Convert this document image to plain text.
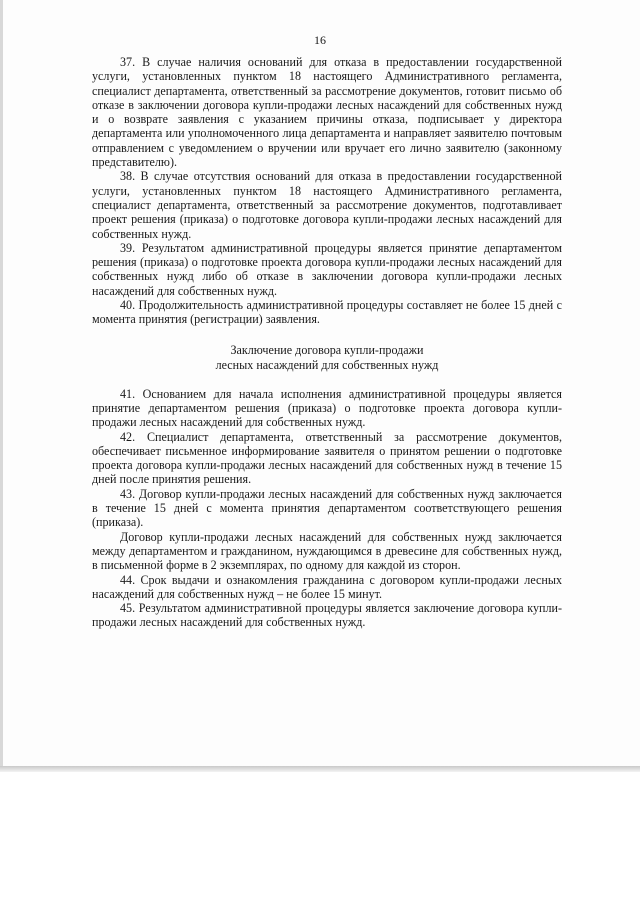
16

37. В случае наличия оснований для отказа в предоставлении государственной услуги, установленных пунктом 18 настоящего Административного регламента, специалист департамента, ответственный за рассмотрение документов, готовит письмо об отказе в заключении договора купли-продажи лесных насаждений для собственных нужд и о возврате заявления с указанием причины отказа, подписывает у директора департамента или уполномоченного лица департамента и направляет заявителю почтовым отправлением с уведомлением о вручении или вручает его лично заявителю (законному представителю).

38. В случае отсутствия оснований для отказа в предоставлении государственной услуги, установленных пунктом 18 настоящего Административного регламента, специалист департамента, ответственный за рассмотрение документов, подготавливает проект решения (приказа) о подготовке договора купли-продажи лесных насаждений для собственных нужд.

39. Результатом административной процедуры является принятие департаментом решения (приказа) о подготовке проекта договора купли-продажи лесных насаждений для собственных нужд либо об отказе в заключении договора купли-продажи лесных насаждений для собственных нужд.

40. Продолжительность административной процедуры составляет не более 15 дней с момента принятия (регистрации) заявления.

Заключение договора купли-продажи
лесных насаждений для собственных нужд

41. Основанием для начала исполнения административной процедуры является принятие департаментом решения (приказа) о подготовке проекта договора купли-продажи лесных насаждений для собственных нужд.

42. Специалист департамента, ответственный за рассмотрение документов, обеспечивает письменное информирование заявителя о принятом решении о подготовке проекта договора купли-продажи лесных насаждений для собственных нужд в течение 15 дней после принятия решения.

43. Договор купли-продажи лесных насаждений для собственных нужд заключается в течение 15 дней с момента принятия департаментом соответствующего решения (приказа).

Договор купли-продажи лесных насаждений для собственных нужд заключается между департаментом и гражданином, нуждающимся в древесине для собственных нужд, в письменной форме в 2 экземплярах, по одному для каждой из сторон.

44. Срок выдачи и ознакомления гражданина с договором купли-продажи лесных насаждений для собственных нужд – не более 15 минут.

45. Результатом административной процедуры является заключение договора купли-продажи лесных насаждений для собственных нужд.
